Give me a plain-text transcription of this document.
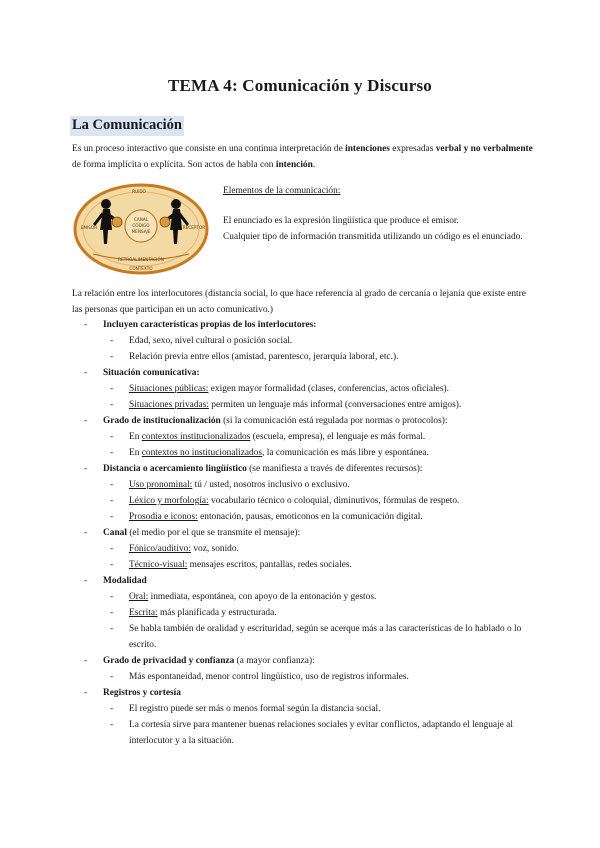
TEMA 4: Comunicación y Discurso
La Comunicación
Es un proceso interactivo que consiste en una continua interpretación de intenciones expresadas verbal y no verbalmente de forma implícita o explícita. Son actos de habla con intención.
RUIDO
EMISOR	RECEPTOR
CANAL
CÓDIGO
MENSAJE
RETROALIMENTACIÓN
CONTEXTO

Elementos de la comunicación:

El enunciado es la expresión lingüística que produce el emisor.

Cualquier tipo de información transmitida utilizando un código es el enunciado.

La relación entre los interlocutores (distancia social, lo que hace referencia al grado de cercanía o lejanía que existe entre las personas que participan en un acto comunicativo.)
- Incluyen características propias de los interlocutores:
- Edad, sexo, nivel cultural o posición social.
- Relación previa entre ellos (amistad, parentesco, jerarquía laboral, etc.).
- Situación comunicativa:
- Situaciones públicas: exigen mayor formalidad (clases, conferencias, actos oficiales).
- Situaciones privadas: permiten un lenguaje más informal (conversaciones entre amigos).
- Grado de institucionalización (si la comunicación está regulada por normas o protocolos):
- En contextos institucionalizados (escuela, empresa), el lenguaje es más formal.
- En contextos no institucionalizados, la comunicación es más libre y espontánea.
- Distancia o acercamiento lingüístico (se manifiesta a través de diferentes recursos):
- Uso pronominal: tú / usted, nosotros inclusivo o exclusivo.
- Léxico y morfología: vocabulario técnico o coloquial, diminutivos, fórmulas de respeto.
- Prosodia e iconos: entonación, pausas, emoticonos en la comunicación digital.
- Canal (el medio por el que se transmite el mensaje):
- Fónico/auditivo: voz, sonido.
- Técnico-visual: mensajes escritos, pantallas, redes sociales.
- Modalidad
- Oral: inmediata, espontánea, con apoyo de la entonación y gestos.
- Escrita: más planificada y estructurada.
- Se habla también de oralidad y escrituridad, según se acerque más a las características de lo hablado o lo escrito.
- Grado de privacidad y confianza (a mayor confianza):
- Más espontaneidad, menor control lingüístico, uso de registros informales.
- Registros y cortesía
- El registro puede ser más o menos formal según la distancia social.
- La cortesía sirve para mantener buenas relaciones sociales y evitar conflictos, adaptando el lenguaje al interlocutor y a la situación.
